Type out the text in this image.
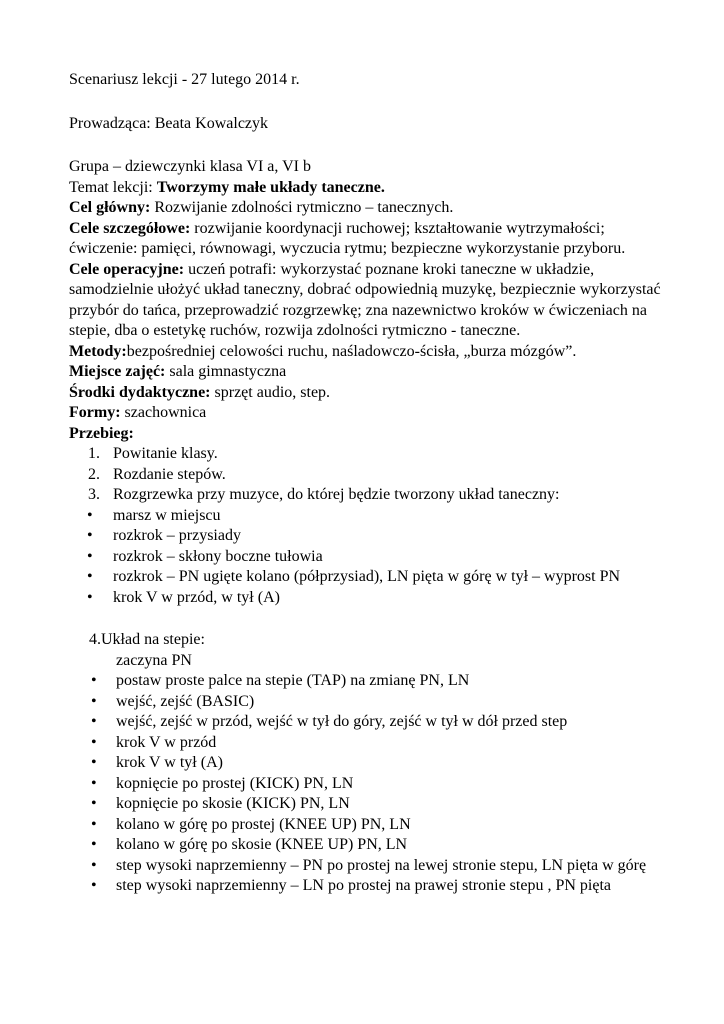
Scenariusz lekcji - 27 lutego 2014 r.

Prowadząca: Beata Kowalczyk

Grupa – dziewczynki klasa VI a, VI b

Temat lekcji: Tworzymy małe układy taneczne.

Cel główny: Rozwijanie zdolności rytmiczno – tanecznych.

Cele szczegółowe: rozwijanie koordynacji ruchowej; kształtowanie wytrzymałości; ćwiczenie: pamięci, równowagi, wyczucia rytmu; bezpieczne wykorzystanie przyboru.

Cele operacyjne: uczeń potrafi: wykorzystać poznane kroki taneczne w układzie, samodzielnie ułożyć układ taneczny, dobrać odpowiednią muzykę, bezpiecznie wykorzystać przybór do tańca, przeprowadzić rozgrzewkę; zna nazewnictwo kroków w ćwiczeniach na stepie, dba o estetykę ruchów, rozwija zdolności rytmiczno - taneczne.

Metody:bezpośredniej celowości ruchu, naśladowczo-ścisła, „burza mózgów”.

Miejsce zajęć: sala gimnastyczna

Środki dydaktyczne: sprzęt audio, step.

Formy: szachownica

Przebieg:

1. Powitanie klasy.
2. Rozdanie stepów.
3. Rozgrzewka przy muzyce, do której będzie tworzony układ taneczny:
• marsz w miejscu
• rozkrok – przysiady
• rozkrok – skłony boczne tułowia
• rozkrok – PN ugięte kolano (półprzysiad), LN pięta w górę w tył – wyprost PN
• krok V w przód, w tył (A)

4.Układ na stepie:

zaczyna PN

• postaw proste palce na stepie (TAP) na zmianę PN, LN
• wejść, zejść (BASIC)
• wejść, zejść w przód, wejść w tył do góry, zejść w tył w dół przed step
• krok V w przód
• krok V w tył (A)
• kopnięcie po prostej (KICK) PN, LN
• kopnięcie po skosie (KICK) PN, LN
• kolano w górę po prostej (KNEE UP) PN, LN
• kolano w górę po skosie (KNEE UP) PN, LN
• step wysoki naprzemienny – PN po prostej na lewej stronie stepu, LN pięta w górę
• step wysoki naprzemienny – LN po prostej na prawej stronie stepu , PN pięta
